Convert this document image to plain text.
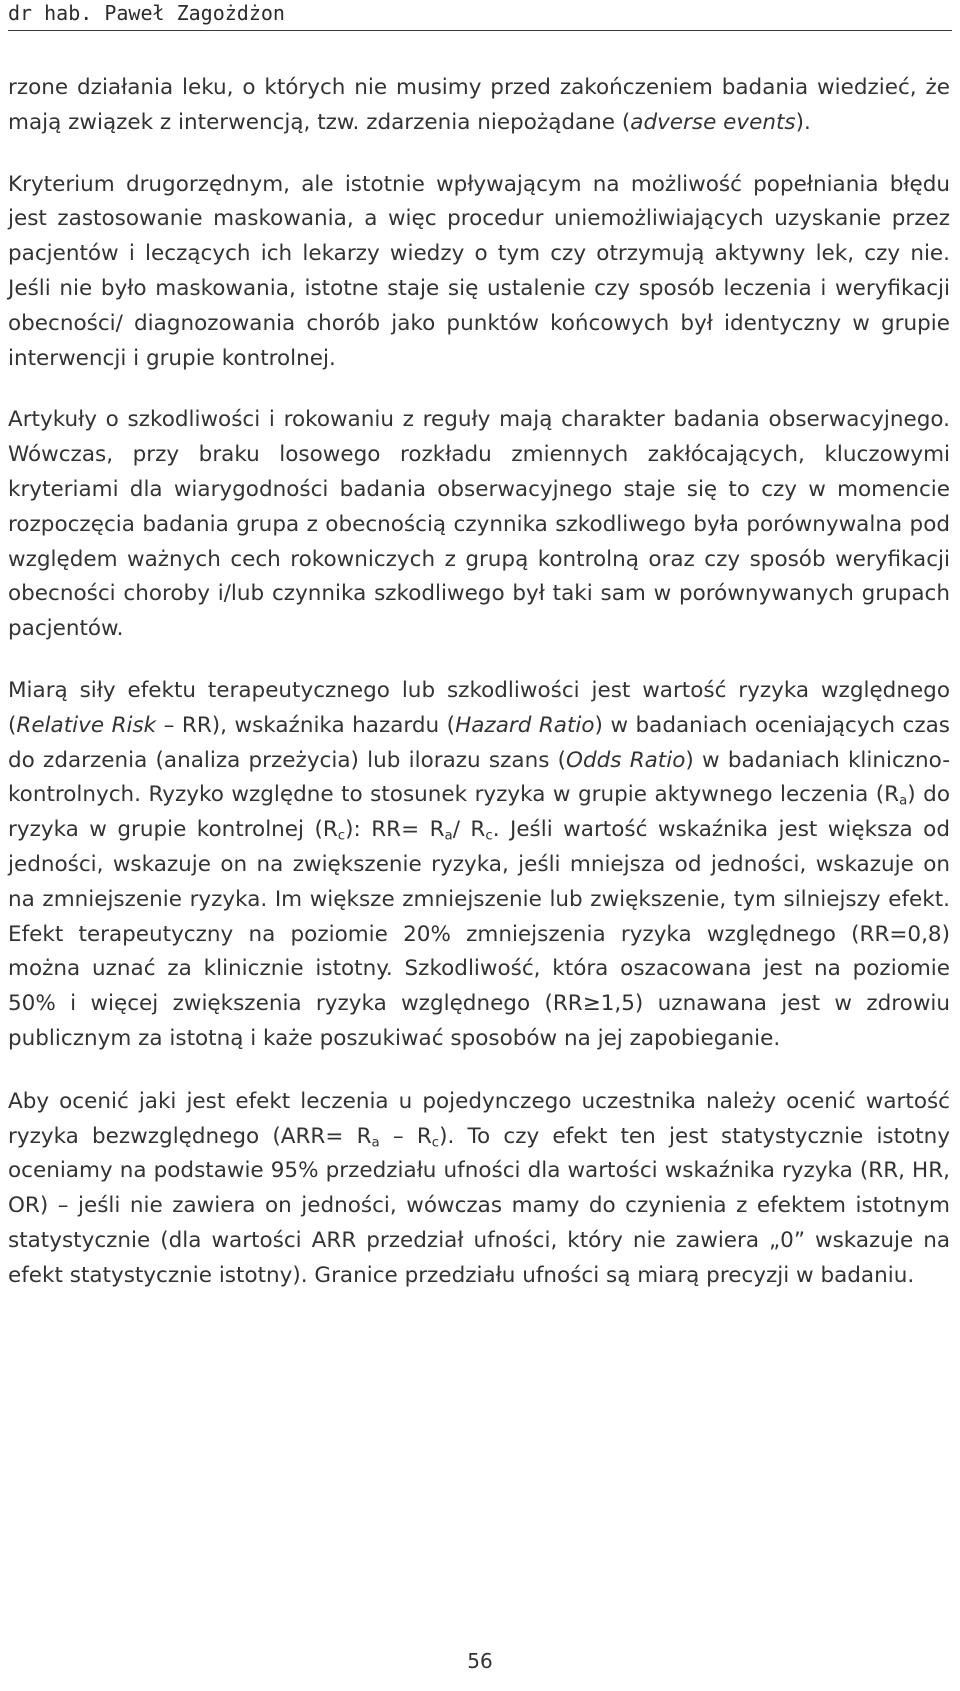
dr hab. Paweł Zagożdżon

rzone działania leku, o których nie musimy przed zakończeniem badania wiedzieć, że mają związek z interwencją, tzw. zdarzenia niepożądane (adverse events).

Kryterium drugorzędnym, ale istotnie wpływającym na możliwość popełniania błędu jest zastosowanie maskowania, a więc procedur uniemożliwiających uzyskanie przez pacjentów i leczących ich lekarzy wiedzy o tym czy otrzymują aktywny lek, czy nie. Jeśli nie było maskowania, istotne staje się ustalenie czy sposób leczenia i weryfikacji obecności/ diagnozowania chorób jako punktów końcowych był identyczny w grupie interwencji i grupie kontrolnej.

Artykuły o szkodliwości i rokowaniu z reguły mają charakter badania obserwacyjnego. Wówczas, przy braku losowego rozkładu zmiennych zakłócających, kluczowymi kryteriami dla wiarygodności badania obserwacyjnego staje się to czy w momencie rozpoczęcia badania grupa z obecnością czynnika szkodliwego była porównywalna pod względem ważnych cech rokowniczych z grupą kontrolną oraz czy sposób weryfikacji obecności choroby i/lub czynnika szkodliwego był taki sam w porównywanych grupach pacjentów.

Miarą siły efektu terapeutycznego lub szkodliwości jest wartość ryzyka względnego (Relative Risk – RR), wskaźnika hazardu (Hazard Ratio) w badaniach oceniających czas do zdarzenia (analiza przeżycia) lub ilorazu szans (Odds Ratio) w badaniach kliniczno-kontrolnych. Ryzyko względne to stosunek ryzyka w grupie aktywnego leczenia $(R_a)$ do ryzyka w grupie kontrolnej $(R_c)$: $RR= R_a/$ $R_c$. Jeśli wartość wskaźnika jest większa od jedności, wskazuje on na zwiększenie ryzyka, jeśli mniejsza od jedności, wskazuje on na zmniejszenie ryzyka. Im większe zmniejszenie lub zwiększenie, tym silniejszy efekt. Efekt terapeutyczny na poziomie 20% zmniejszenia ryzyka względnego (RR=0,8) można uznać za klinicznie istotny. Szkodliwość, która oszacowana jest na poziomie 50% i więcej zwiększenia ryzyka względnego (RR≥1,5) uznawana jest w zdrowiu publicznym za istotną i każe poszukiwać sposobów na jej zapobieganie.

Aby ocenić jaki jest efekt leczenia u pojedynczego uczestnika należy ocenić wartość ryzyka bezwzględnego $(ARR= R_a - R_c)$. To czy efekt ten jest statystycznie istotny oceniamy na podstawie 95% przedziału ufności dla wartości wskaźnika ryzyka (RR, HR, OR) – jeśli nie zawiera on jedności, wówczas mamy do czynienia z efektem istotnym statystycznie (dla wartości ARR przedział ufności, który nie zawiera „0” wskazuje na efekt statystycznie istotny). Granice przedziału ufności są miarą precyzji w badaniu.

56
